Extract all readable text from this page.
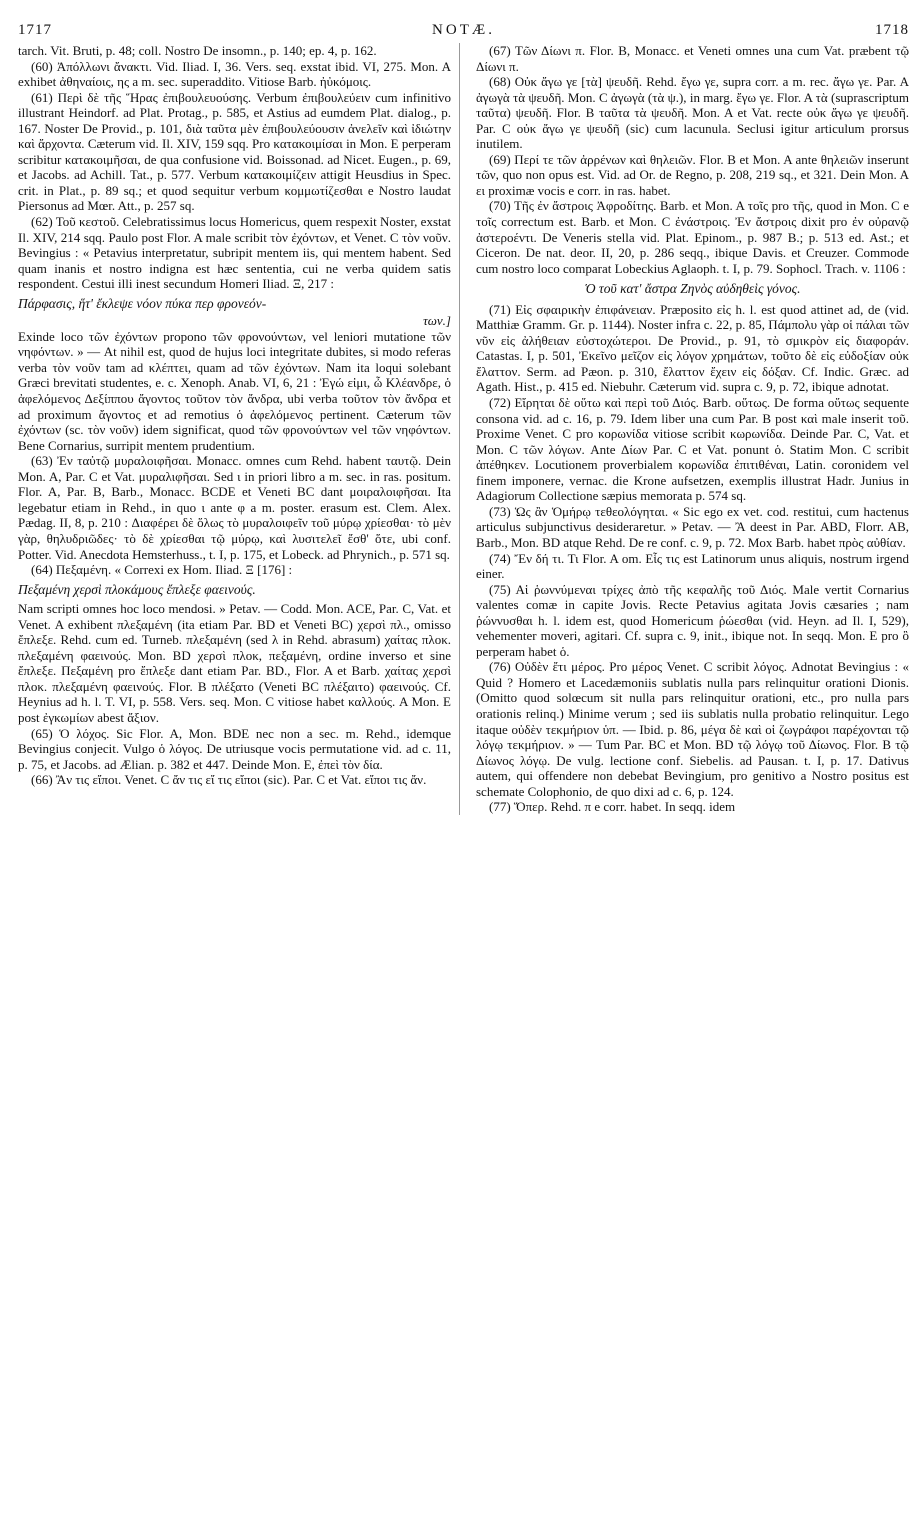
1717	NOTÆ.	1718

tarch. Vit. Bruti, p. 48; coll. Nostro De insomn., p. 140; ep. 4, p. 162.

(60) Ἀπόλλωνι ἄνακτι. Vid. Iliad. I, 36. Vers. seq. exstat ibid. VI, 275. Mon. A exhibet ἀθηναίοις, ης a m. sec. superaddito. Vitiose Barb. ἠὐκόμοις.

(61) Περὶ δὲ τῆς Ἥρας ἐπιβουλευούσης. Verbum ἐπιβουλεύειν cum infinitivo illustrant Heindorf. ad Plat. Protag., p. 585, et Astius ad eumdem Plat. dialog., p. 167. Noster De Provid., p. 101, διὰ ταῦτα μὲν ἐπιβουλεύουσιν ἀνελεῖν καὶ ἰδιώτην καὶ ἄρχοντα. Cæterum vid. Il. XIV, 159 sqq. Pro κατακοιμίσαι in Mon. E perperam scribitur κατακοιμῆσαι, de qua confusione vid. Boissonad. ad Nicet. Eugen., p. 69, et Jacobs. ad Achill. Tat., p. 577. Verbum κατακοιμίζειν attigit Heusdius in Spec. crit. in Plat., p. 89 sq.; et quod sequitur verbum κομμωτίζεσθαι e Nostro laudat Piersonus ad Mœr. Att., p. 257 sq.

(62) Τοῦ κεστοῦ. Celebratissimus locus Homericus, quem respexit Noster, exstat Il. XIV, 214 sqq. Paulo post Flor. A male scribit τὸν ἐχόντων, et Venet. C τὸν νοῦν. Bevingius : « Petavius interpretatur, subripit mentem iis, qui mentem habent. Sed quam inanis et nostro indigna est hæc sententia, cui ne verba quidem satis respondent. Cestui illi inest secundum Homeri Iliad. Ξ, 217 :

Πάρφασις, ἥτ' ἔκλεψε νόον πύκα περ φρονεόν-

των.]

Exinde loco τῶν ἐχόντων propono τῶν φρονούντων, vel leniori mutatione τῶν νηφόντων. » — At nihil est, quod de hujus loci integritate dubites, si modo referas verba τὸν νοῦν tam ad κλέπτει, quam ad τῶν ἐχόντων. Nam ita loqui solebant Græci brevitati studentes, e. c. Xenoph. Anab. VI, 6, 21 : Ἐγώ εἰμι, ὦ Κλέανδρε, ὁ ἀφελόμενος Δεξίππου ἄγοντος τοῦτον τὸν ἄνδρα, ubi verba τοῦτον τὸν ἄνδρα et ad proximum ἄγοντος et ad remotius ὁ ἀφελόμενος pertinent. Cæterum τῶν ἐχόντων (sc. τὸν νοῦν) idem significat, quod τῶν φρονούντων vel τῶν νηφόντων. Bene Cornarius, surripit mentem prudentium.

(63) Ἐν ταὐτῷ μυραλοιφῆσαι. Monacc. omnes cum Rehd. habent ταυτῷ. Dein Mon. A, Par. C et Vat. μυραλιφῆσαι. Sed ι in priori libro a m. sec. in ras. positum. Flor. A, Par. B, Barb., Monacc. BCDE et Veneti BC dant μοιραλοιφῆσαι. Ita legebatur etiam in Rehd., in quo ι ante φ a m. poster. erasum est. Clem. Alex. Pædag. II, 8, p. 210 : Διαφέρει δὲ ὅλως τὸ μυραλοιφεῖν τοῦ μύρῳ χρίεσθαι· τὸ μὲν γὰρ, θηλυδριῶδες· τὸ δὲ χρίεσθαι τῷ μύρῳ, καὶ λυσιτελεῖ ἔσθ' ὅτε, ubi conf. Potter. Vid. Anecdota Hemsterhuss., t. I, p. 175, et Lobeck. ad Phrynich., p. 571 sq.

(64) Πεξαμένη. « Correxi ex Hom. Iliad. Ξ [176] :

Πεξαμένη χερσὶ πλοκάμους ἔπλεξε φαεινούς.

Nam scripti omnes hoc loco mendosi. » Petav. — Codd. Mon. ACE, Par. C, Vat. et Venet. A exhibent πλεξαμένη (ita etiam Par. BD et Veneti BC) χερσὶ πλ., omisso ἔπλεξε. Rehd. cum ed. Turneb. πλεξαμένη (sed λ in Rehd. abrasum) χαίτας πλοκ. πλεξαμένη φαεινούς. Mon. BD χερσὶ πλοκ, πεξαμένη, ordine inverso et sine ἔπλεξε. Πεξαμένη pro ἔπλεξε dant etiam Par. BD., Flor. A et Barb. χαίτας χερσὶ πλοκ. πλεξαμένη φαεινούς. Flor. B πλέξατο (Veneti BC πλέξαιτο) φαεινούς. Cf. Heynius ad h. l. T. VI, p. 558. Vers. seq. Mon. C vitiose habet καλλούς. A Mon. E post ἐγκωμίων abest ἄξιον.

(65) Ὁ λόχος. Sic Flor. A, Mon. BDE nec non a sec. m. Rehd., idemque Bevingius conjecit. Vulgo ὁ λόγος. De utriusque vocis permutatione vid. ad c. 11, p. 75, et Jacobs. ad Ælian. p. 382 et 447. Deinde Mon. E, ἐπεὶ τὸν δία.

(66) Ἂν τις εἴποι. Venet. C ἄν τις εἴ τις εἴποι (sic). Par. C et Vat. εἴποι τις ἄν.

(67) Τῶν Δίωνι π. Flor. B, Monacc. et Veneti omnes una cum Vat. præbent τῷ Δίωνι π.

(68) Οὐκ ἄγω γε [τὰ] ψευδῆ. Rehd. ἔγω γε, supra corr. a m. rec. ἄγω γε. Par. A ἀγωγὰ τὰ ψευδῆ. Mon. C ἀγωγὰ (τὰ ψ.), in marg. ἔγω γε. Flor. A τὰ (suprascriptum ταῦτα) ψευδῆ. Flor. B ταῦτα τὰ ψευδῆ. Mon. A et Vat. recte οὐκ ἄγω γε ψευδῆ. Par. C οὐκ ἄγω γε ψευδῆ (sic) cum lacunula. Seclusi igitur articulum prorsus inutilem.

(69) Περί τε τῶν ἀρρένων καὶ θηλειῶν. Flor. B et Mon. A ante θηλειῶν inserunt τῶν, quo non opus est. Vid. ad Or. de Regno, p. 208, 219 sq., et 321. Dein Mon. A ει proximæ vocis e corr. in ras. habet.

(70) Τῆς ἐν ἄστροις Ἀφροδίτης. Barb. et Mon. A τοῖς pro τῆς, quod in Mon. C e τοῖς correctum est. Barb. et Mon. C ἐνάστροις. Ἐν ἄστροις dixit pro ἐν οὐρανῷ ἀστεροέντι. De Veneris stella vid. Plat. Epinom., p. 987 B.; p. 513 ed. Ast.; et Ciceron. De nat. deor. II, 20, p. 286 seqq., ibique Davis. et Creuzer. Commode cum nostro loco comparat Lobeckius Aglaoph. t. I, p. 79. Sophocl. Trach. v. 1106 :

Ὁ τοῦ κατ' ἄστρα Ζηνὸς αὐδηθεὶς γόνος.

(71) Εἰς σφαιρικὴν ἐπιφάνειαν. Præposito εἰς h. l. est quod attinet ad, de (vid. Matthiæ Gramm. Gr. p. 1144). Noster infra c. 22, p. 85, Πάμπολυ γὰρ οἱ πάλαι τῶν νῦν εἰς ἀλήθειαν εὐστοχώτεροι. De Provid., p. 91, τὸ σμικρὸν εἰς διαφοράν. Catastas. I, p. 501, Ἐκεῖνο μεῖζον εἰς λόγον χρημάτων, τοῦτο δὲ εἰς εὐδοξίαν οὐκ ἔλαττον. Serm. ad Pæon. p. 310, ἔλαττον ἔχειν εἰς δόξαν. Cf. Indic. Græc. ad Agath. Hist., p. 415 ed. Niebuhr. Cæterum vid. supra c. 9, p. 72, ibique adnotat.

(72) Εἴρηται δὲ οὕτω καὶ περὶ τοῦ Διός. Barb. οὕτως. De forma οὕτως sequente consona vid. ad c. 16, p. 79. Idem liber una cum Par. B post καὶ male inserit τοῦ. Proxime Venet. C pro κορωνίδα vitiose scribit κωρωνίδα. Deinde Par. C, Vat. et Mon. C τῶν λόγων. Ante Δίων Par. C et Vat. ponunt ὁ. Statim Mon. C scribit ἀπέθηκεν. Locutionem proverbialem κορωνίδα ἐπιτιθέναι, Latin. coronidem vel finem imponere, vernac. die Krone aufsetzen, exemplis illustrat Hadr. Junius in Adagiorum Collectione sæpius memorata p. 574 sq.

(73) Ὡς ἂν Ὁμήρῳ τεθεολόγηται. « Sic ego ex vet. cod. restitui, cum hactenus articulus subjunctivus desideraretur. » Petav. — Ἂ deest in Par. ABD, Florr. AB, Barb., Mon. BD atque Rehd. De re conf. c. 9, p. 72. Mox Barb. habet πρὸς αὐθίαν.

(74) Ἔν δή τι. Τι Flor. A om. Εἷς τις est Latinorum unus aliquis, nostrum irgend einer.

(75) Αἱ ῥωννύμεναι τρίχες ἀπὸ τῆς κεφαλῆς τοῦ Διός. Male vertit Cornarius valentes comæ in capite Jovis. Recte Petavius agitata Jovis cæsaries ; nam ῥώννυσθαι h. l. idem est, quod Homericum ῥώεσθαι (vid. Heyn. ad Il. I, 529), vehementer moveri, agitari. Cf. supra c. 9, init., ibique not. In seqq. Mon. E pro ὃ perperam habet ὁ.

(76) Οὐδὲν ἔτι μέρος. Pro μέρος Venet. C scribit λόγος. Adnotat Bevingius : « Quid ? Homero et Lacedæmoniis sublatis nulla pars relinquitur orationi Dionis. (Omitto quod solœcum sit nulla pars relinquitur orationi, etc., pro nulla pars orationis relinq.) Minime verum ; sed iis sublatis nulla probatio relinquitur. Lego itaque οὐδὲν τεκμήριον ὑπ. — Ibid. p. 86, μέγα δὲ καὶ οἱ ζωγράφοι παρέχονται τῷ λόγῳ τεκμήριον. » — Tum Par. BC et Mon. BD τῷ λόγῳ τοῦ Δίωνος. Flor. B τῷ Δίωνος λόγῳ. De vulg. lectione conf. Siebelis. ad Pausan. t. I, p. 17. Dativus autem, qui offendere non debebat Bevingium, pro genitivo a Nostro positus est schemate Colophonio, de quo dixi ad c. 6, p. 124.

(77) Ὅπερ. Rehd. π e corr. habet. In seqq. idem
